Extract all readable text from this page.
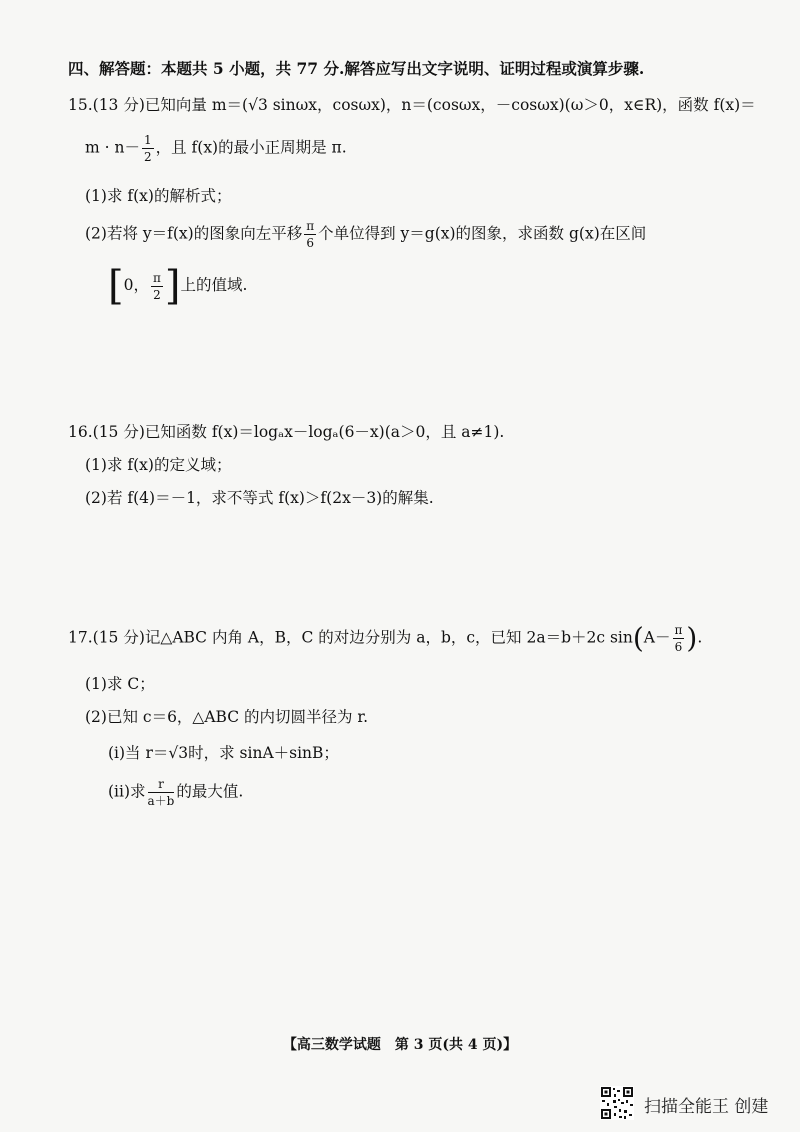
四、解答题：本题共 5 小题，共 77 分.解答应写出文字说明、证明过程或演算步骤.
15.(13 分)已知向量 m＝(√3 sinωx，cosωx)，n＝(cosωx，－cosωx)(ω＞0，x∈R)，函数 f(x)＝
$m \cdot n- \frac{1}{2}$ ，且 f(x)的最小正周期是 π.
(1)求 f(x)的解析式；
(2)若将 y＝f(x)的图象向左平移 $\frac{\pi}{6}$ 个单位得到 y＝g(x)的图象，求函数 g(x)在区间
[0， $\frac{\pi}{2}$ ]上的值域.
16.(15 分)已知函数 f(x)＝logₐx－logₐ(6－x)(a＞0，且 a≠1).
(1)求 f(x)的定义域；
(2)若 f(4)＝－1，求不等式 f(x)＞f(2x－3)的解集.
17.(15 分)记△ABC 内角 A，B，C 的对边分别为 a，b，c，已知 2a＝b＋2c $\sin(A- \frac{\pi}{6}$ ).
(1)求 C；
(2)已知 c＝6，△ABC 的内切圆半径为 r.
(i)当 r＝√3时，求 sinA＋sinB；
(ii)求 $\frac{r}{a+b}$ 的最大值.
【高三数学试题　第 3 页(共 4 页)】
扫描全能王 创建
